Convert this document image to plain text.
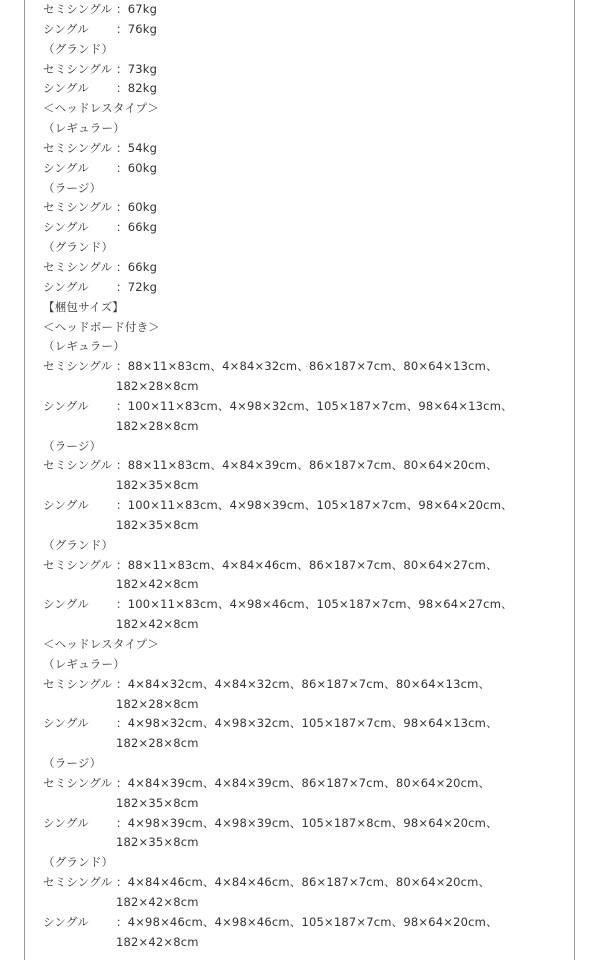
セミシングル ：67kg
シングル	：76kg
（グランド）
セミシングル ：73kg
シングル	：82kg
＜ヘッドレスタイプ＞
（レギュラー）
セミシングル ：54kg
シングル	：60kg
（ラージ）
セミシングル ：60kg
シングル	：66kg
（グランド）
セミシングル ：66kg
シングル	：72kg
【梱包サイズ】
＜ヘッドボード付き＞
（レギュラー）
セミシングル ：88×11×83cm、4×84×32cm、86×187×7cm、80×64×13cm、
182×28×8cm
シングル	：100×11×83cm、4×98×32cm、105×187×7cm、98×64×13cm、
182×28×8cm
（ラージ）
セミシングル ：88×11×83cm、4×84×39cm、86×187×7cm、80×64×20cm、
182×35×8cm
シングル	：100×11×83cm、4×98×39cm、105×187×7cm、98×64×20cm、
182×35×8cm
（グランド）
セミシングル ：88×11×83cm、4×84×46cm、86×187×7cm、80×64×27cm、
182×42×8cm
シングル	：100×11×83cm、4×98×46cm、105×187×7cm、98×64×27cm、
182×42×8cm
＜ヘッドレスタイプ＞
（レギュラー）
セミシングル ：4×84×32cm、4×84×32cm、86×187×7cm、80×64×13cm、
182×28×8cm
シングル	：4×98×32cm、4×98×32cm、105×187×7cm、98×64×13cm、
182×28×8cm
（ラージ）
セミシングル ：4×84×39cm、4×84×39cm、86×187×7cm、80×64×20cm、
182×35×8cm
シングル	：4×98×39cm、4×98×39cm、105×187×8cm、98×64×20cm、
182×35×8cm
（グランド）
セミシングル ：4×84×46cm、4×84×46cm、86×187×7cm、80×64×20cm、
182×42×8cm
シングル	：4×98×46cm、4×98×46cm、105×187×7cm、98×64×20cm、
182×42×8cm
